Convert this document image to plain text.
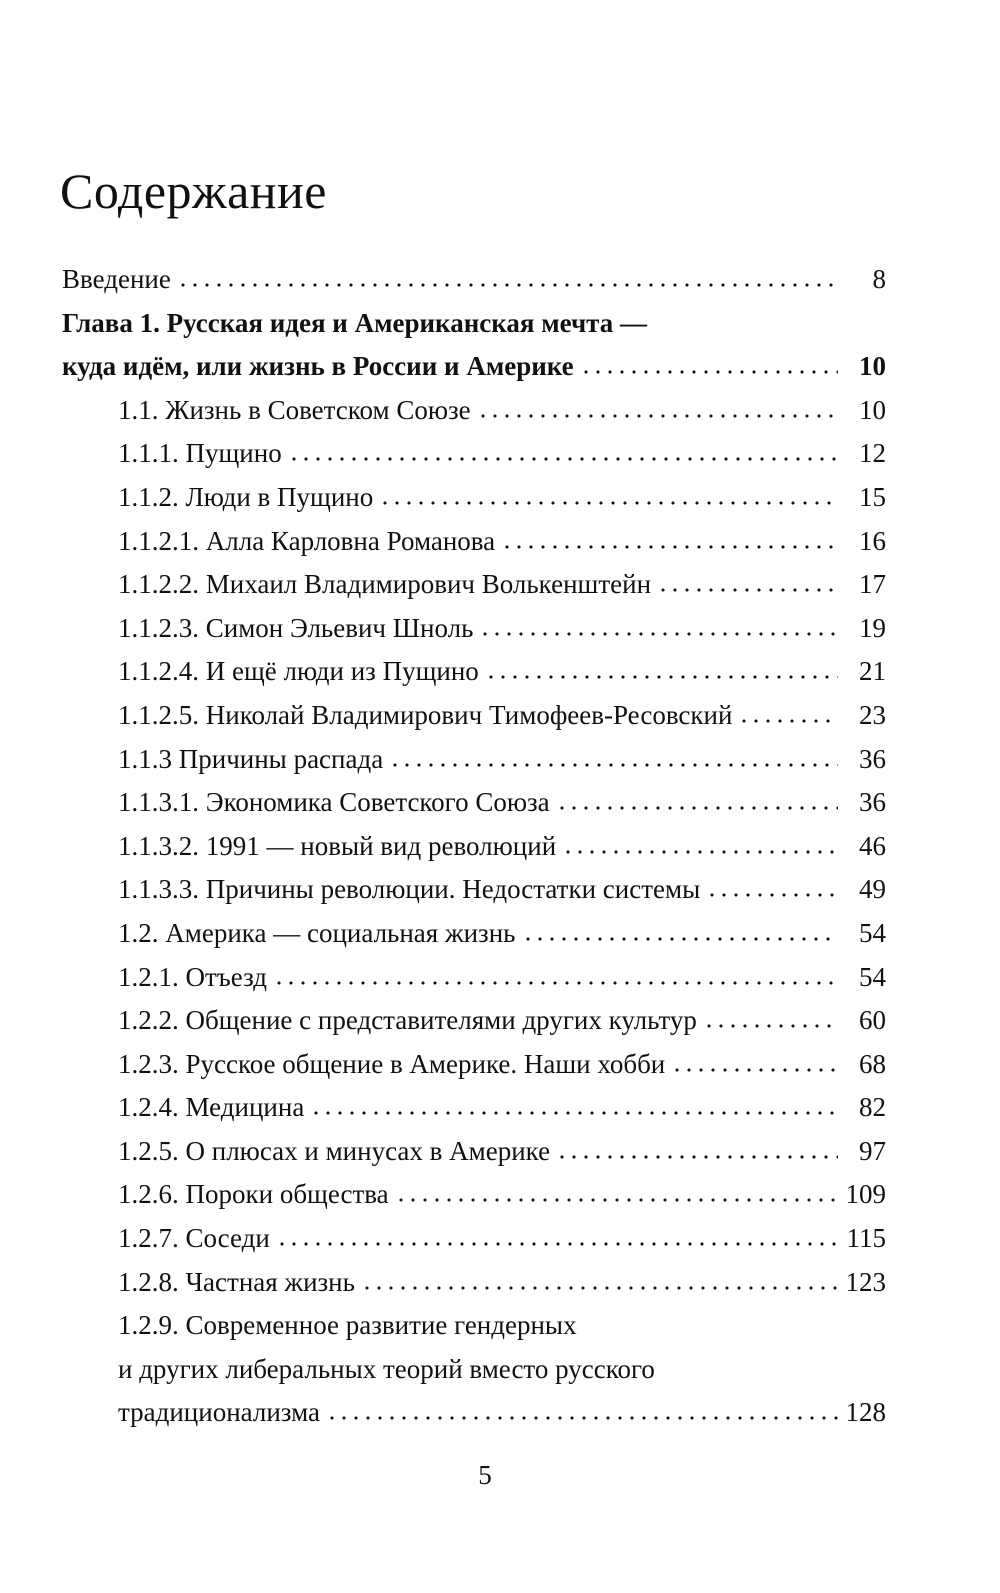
Содержание
Введение	8
Глава 1. Русская идея и Американская мечта —
куда идём, или жизнь в России и Америке	10
1.1. Жизнь в Советском Союзе	10
1.1.1. Пущино	12
1.1.2. Люди в Пущино	15
1.1.2.1. Алла Карловна Романова	16
1.1.2.2. Михаил Владимирович Волькенштейн	17
1.1.2.3. Симон Эльевич Шноль	19
1.1.2.4. И ещё люди из Пущино	21
1.1.2.5. Николай Владимирович Тимофеев-Ресовский	23
1.1.3 Причины распада	36
1.1.3.1. Экономика Советского Союза	36
1.1.3.2. 1991 — новый вид революций	46
1.1.3.3. Причины революции. Недостатки системы	49
1.2. Америка — социальная жизнь	54
1.2.1. Отъезд	54
1.2.2. Общение с представителями других культур	60
1.2.3. Русское общение в Америке. Наши хобби	68
1.2.4. Медицина	82
1.2.5. О плюсах и минусах в Америке	97
1.2.6. Пороки общества	109
1.2.7. Соседи	115
1.2.8. Частная жизнь	123
1.2.9. Современное развитие гендерных
и других либеральных теорий вместо русского
традиционализма	128
5
